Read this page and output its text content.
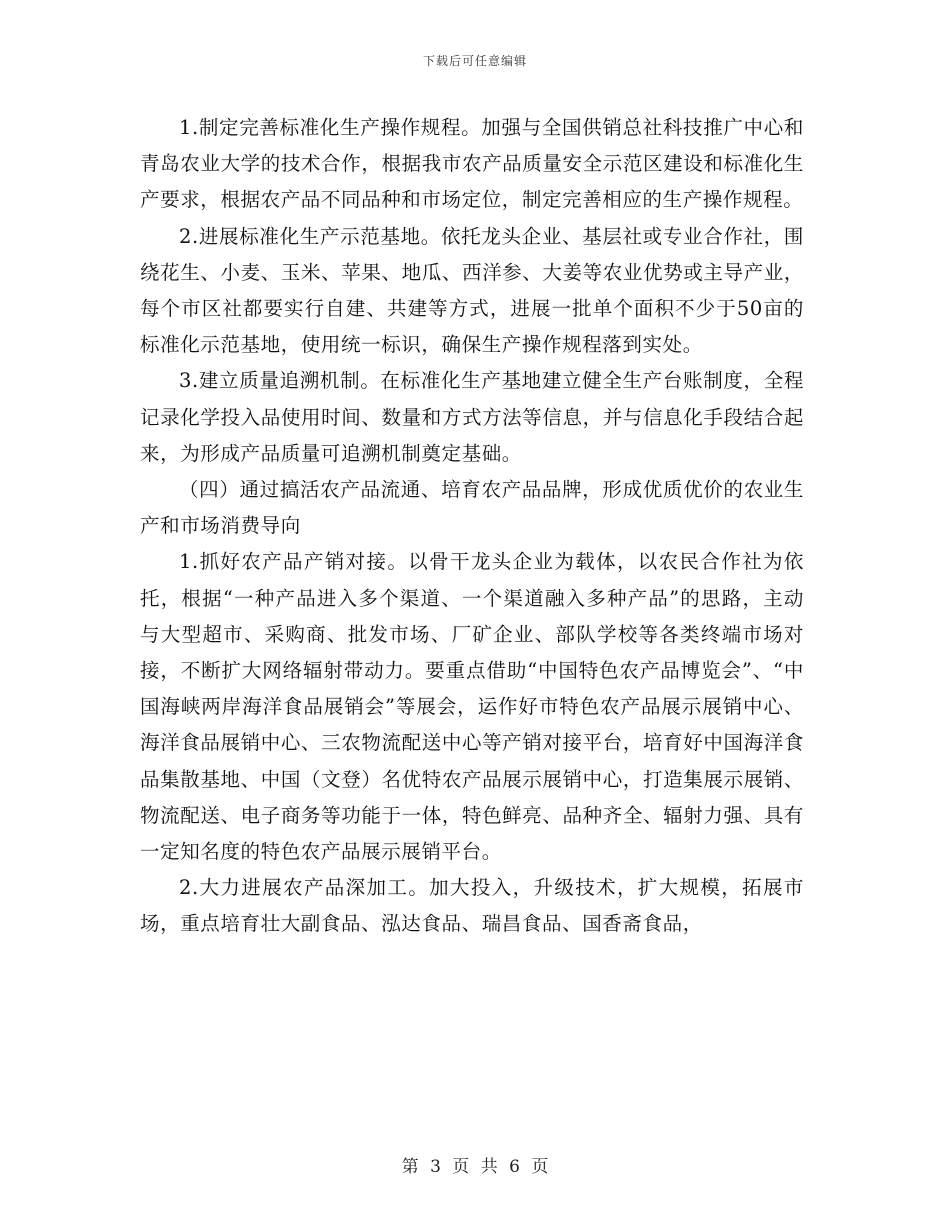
下载后可任意编辑

1.制定完善标准化生产操作规程。加强与全国供销总社科技推广中心和青岛农业大学的技术合作，根据我市农产品质量安全示范区建设和标准化生产要求，根据农产品不同品种和市场定位，制定完善相应的生产操作规程。

2.进展标准化生产示范基地。依托龙头企业、基层社或专业合作社，围绕花生、小麦、玉米、苹果、地瓜、西洋参、大姜等农业优势或主导产业，每个市区社都要实行自建、共建等方式，进展一批单个面积不少于50亩的标准化示范基地，使用统一标识，确保生产操作规程落到实处。

3.建立质量追溯机制。在标准化生产基地建立健全生产台账制度，全程记录化学投入品使用时间、数量和方式方法等信息，并与信息化手段结合起来，为形成产品质量可追溯机制奠定基础。

（四）通过搞活农产品流通、培育农产品品牌，形成优质优价的农业生产和市场消费导向

1.抓好农产品产销对接。以骨干龙头企业为载体，以农民合作社为依托，根据“一种产品进入多个渠道、一个渠道融入多种产品”的思路，主动与大型超市、采购商、批发市场、厂矿企业、部队学校等各类终端市场对接，不断扩大网络辐射带动力。要重点借助“中国特色农产品博览会”、“中国海峡两岸海洋食品展销会”等展会，运作好市特色农产品展示展销中心、海洋食品展销中心、三农物流配送中心等产销对接平台，培育好中国海洋食品集散基地、中国（文登）名优特农产品展示展销中心，打造集展示展销、物流配送、电子商务等功能于一体，特色鲜亮、品种齐全、辐射力强、具有一定知名度的特色农产品展示展销平台。

2.大力进展农产品深加工。加大投入，升级技术，扩大规模，拓展市场，重点培育壮大副食品、泓达食品、瑞昌食品、国香斋食品，

第 3 页 共 6 页
